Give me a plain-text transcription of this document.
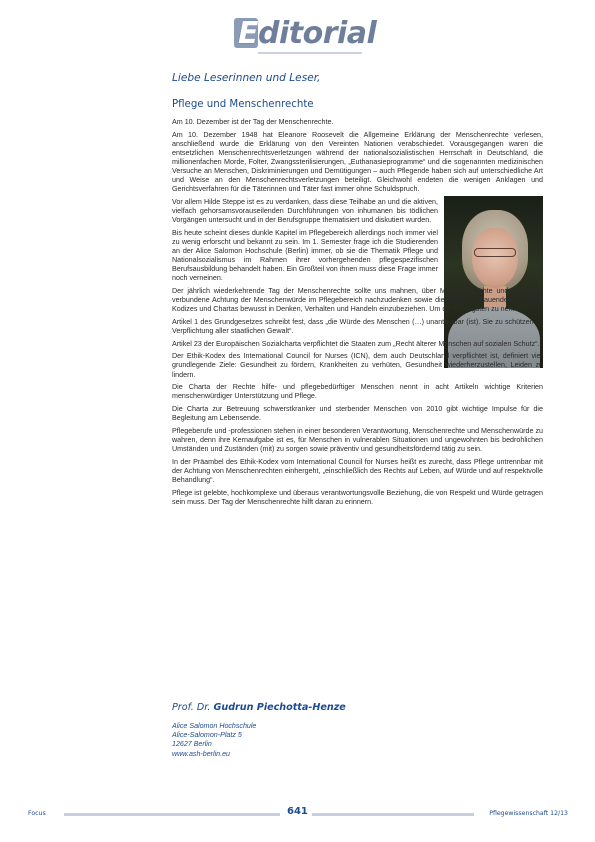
Editorial
Liebe Leserinnen und Leser,
Pflege und Menschenrechte

Am 10. Dezember ist der Tag der Menschenrechte.

Am 10. Dezember 1948 hat Eleanore Roosevelt die Allgemeine Erklärung der Menschenrechte verlesen, anschließend wurde die Erklärung von den Vereinten Nationen verabschiedet. Vorausgegangen waren die entsetzlichen Menschenrechtsverletzungen während der nationalsozialistischen Herrschaft in Deutschland, die millionenfachen Morde, Folter, Zwangssterilisierungen, „Euthanasieprogramme“ und die sogenannten medizinischen Versuche an Menschen, Diskriminierungen und Demütigungen – auch Pflegende haben sich auf unterschiedliche Art und Weise an den Menschenrechtsverletzungen beteiligt. Gleichwohl endeten die wenigen Anklagen und Gerichtsverfahren für die Täterinnen und Täter fast immer ohne Schuldspruch.

Vor allem Hilde Steppe ist es zu verdanken, dass diese Teilhabe an und die aktiven, vielfach gehorsamsvorauseilenden Durchführungen von inhumanen bis tödlichen Vorgängen untersucht und in der Berufsgruppe thematisiert und diskutiert wurden.

Bis heute scheint dieses dunkle Kapitel im Pflegebereich allerdings noch immer viel zu wenig erforscht und bekannt zu sein. Im 1. Semester frage ich die Studierenden an der Alice Salomon Hochschule (Berlin) immer, ob sie die Thematik Pflege und Nationalsozialismus im Rahmen ihrer vorhergehenden pflegespezifischen Berufsausbildung behandelt haben. Ein Großteil von ihnen muss diese Frage immer noch verneinen.

Der jährlich wiederkehrende Tag der Menschenrechte sollte uns mahnen, über Menschenrechte und die damit verbundene Achtung der Menschenwürde im Pflegebereich nachzudenken sowie die darauf aufbauenden Gesetze, Kodizes und Chartas bewusst in Denken, Verhalten und Handeln einzubeziehen. Um die wichtigsten zu nennen:

Artikel 1 des Grundgesetzes schreibt fest, dass „die Würde des Menschen (…) unantastbar (ist). Sie zu schützen ist Verpflichtung aller staatlichen Gewalt“.

Artikel 23 der Europäischen Sozialcharta verpflichtet die Staaten zum „Recht älterer Menschen auf sozialen Schutz“.

Der Ethik-Kodex des International Council for Nurses (ICN), dem auch Deutschland verpflichtet ist, definiert vier grundlegende Ziele: Gesundheit zu fördern, Krankheiten zu verhüten, Gesundheit wiederherzustellen, Leiden zu lindern.

Die Charta der Rechte hilfe- und pflegebedürftiger Menschen nennt in acht Artikeln wichtige Kriterien menschenwürdiger Unterstützung und Pflege.

Die Charta zur Betreuung schwerstkranker und sterbender Menschen von 2010 gibt wichtige Impulse für die Begleitung am Lebensende.

Pflegeberufe und -professionen stehen in einer besonderen Verantwortung, Menschenrechte und Menschenwürde zu wahren, denn ihre Kernaufgabe ist es, für Menschen in vulnerablen Situationen und ungewohnten bis bedrohlichen Umständen und Zuständen (mit) zu sorgen sowie präventiv und gesundheitsfördernd tätig zu sein.

In der Präambel des Ethik-Kodex vom International Council for Nurses heißt es zurecht, dass Pflege untrennbar mit der Achtung von Menschenrechten einhergeht, „einschließlich des Rechts auf Leben, auf Würde und auf respektvolle Behandlung“.

Pflege ist gelebte, hochkomplexe und überaus verantwortungsvolle Beziehung, die von Respekt und Würde getragen sein muss. Der Tag der Menschenrechte hilft daran zu erinnern.

Prof. Dr. Gudrun Piechotta-Henze
Alice Salomon Hochschule
Alice-Salomon-Platz 5
12627 Berlin
www.ash-berlin.eu
Focus	641	Pflegewissenschaft 12/13
